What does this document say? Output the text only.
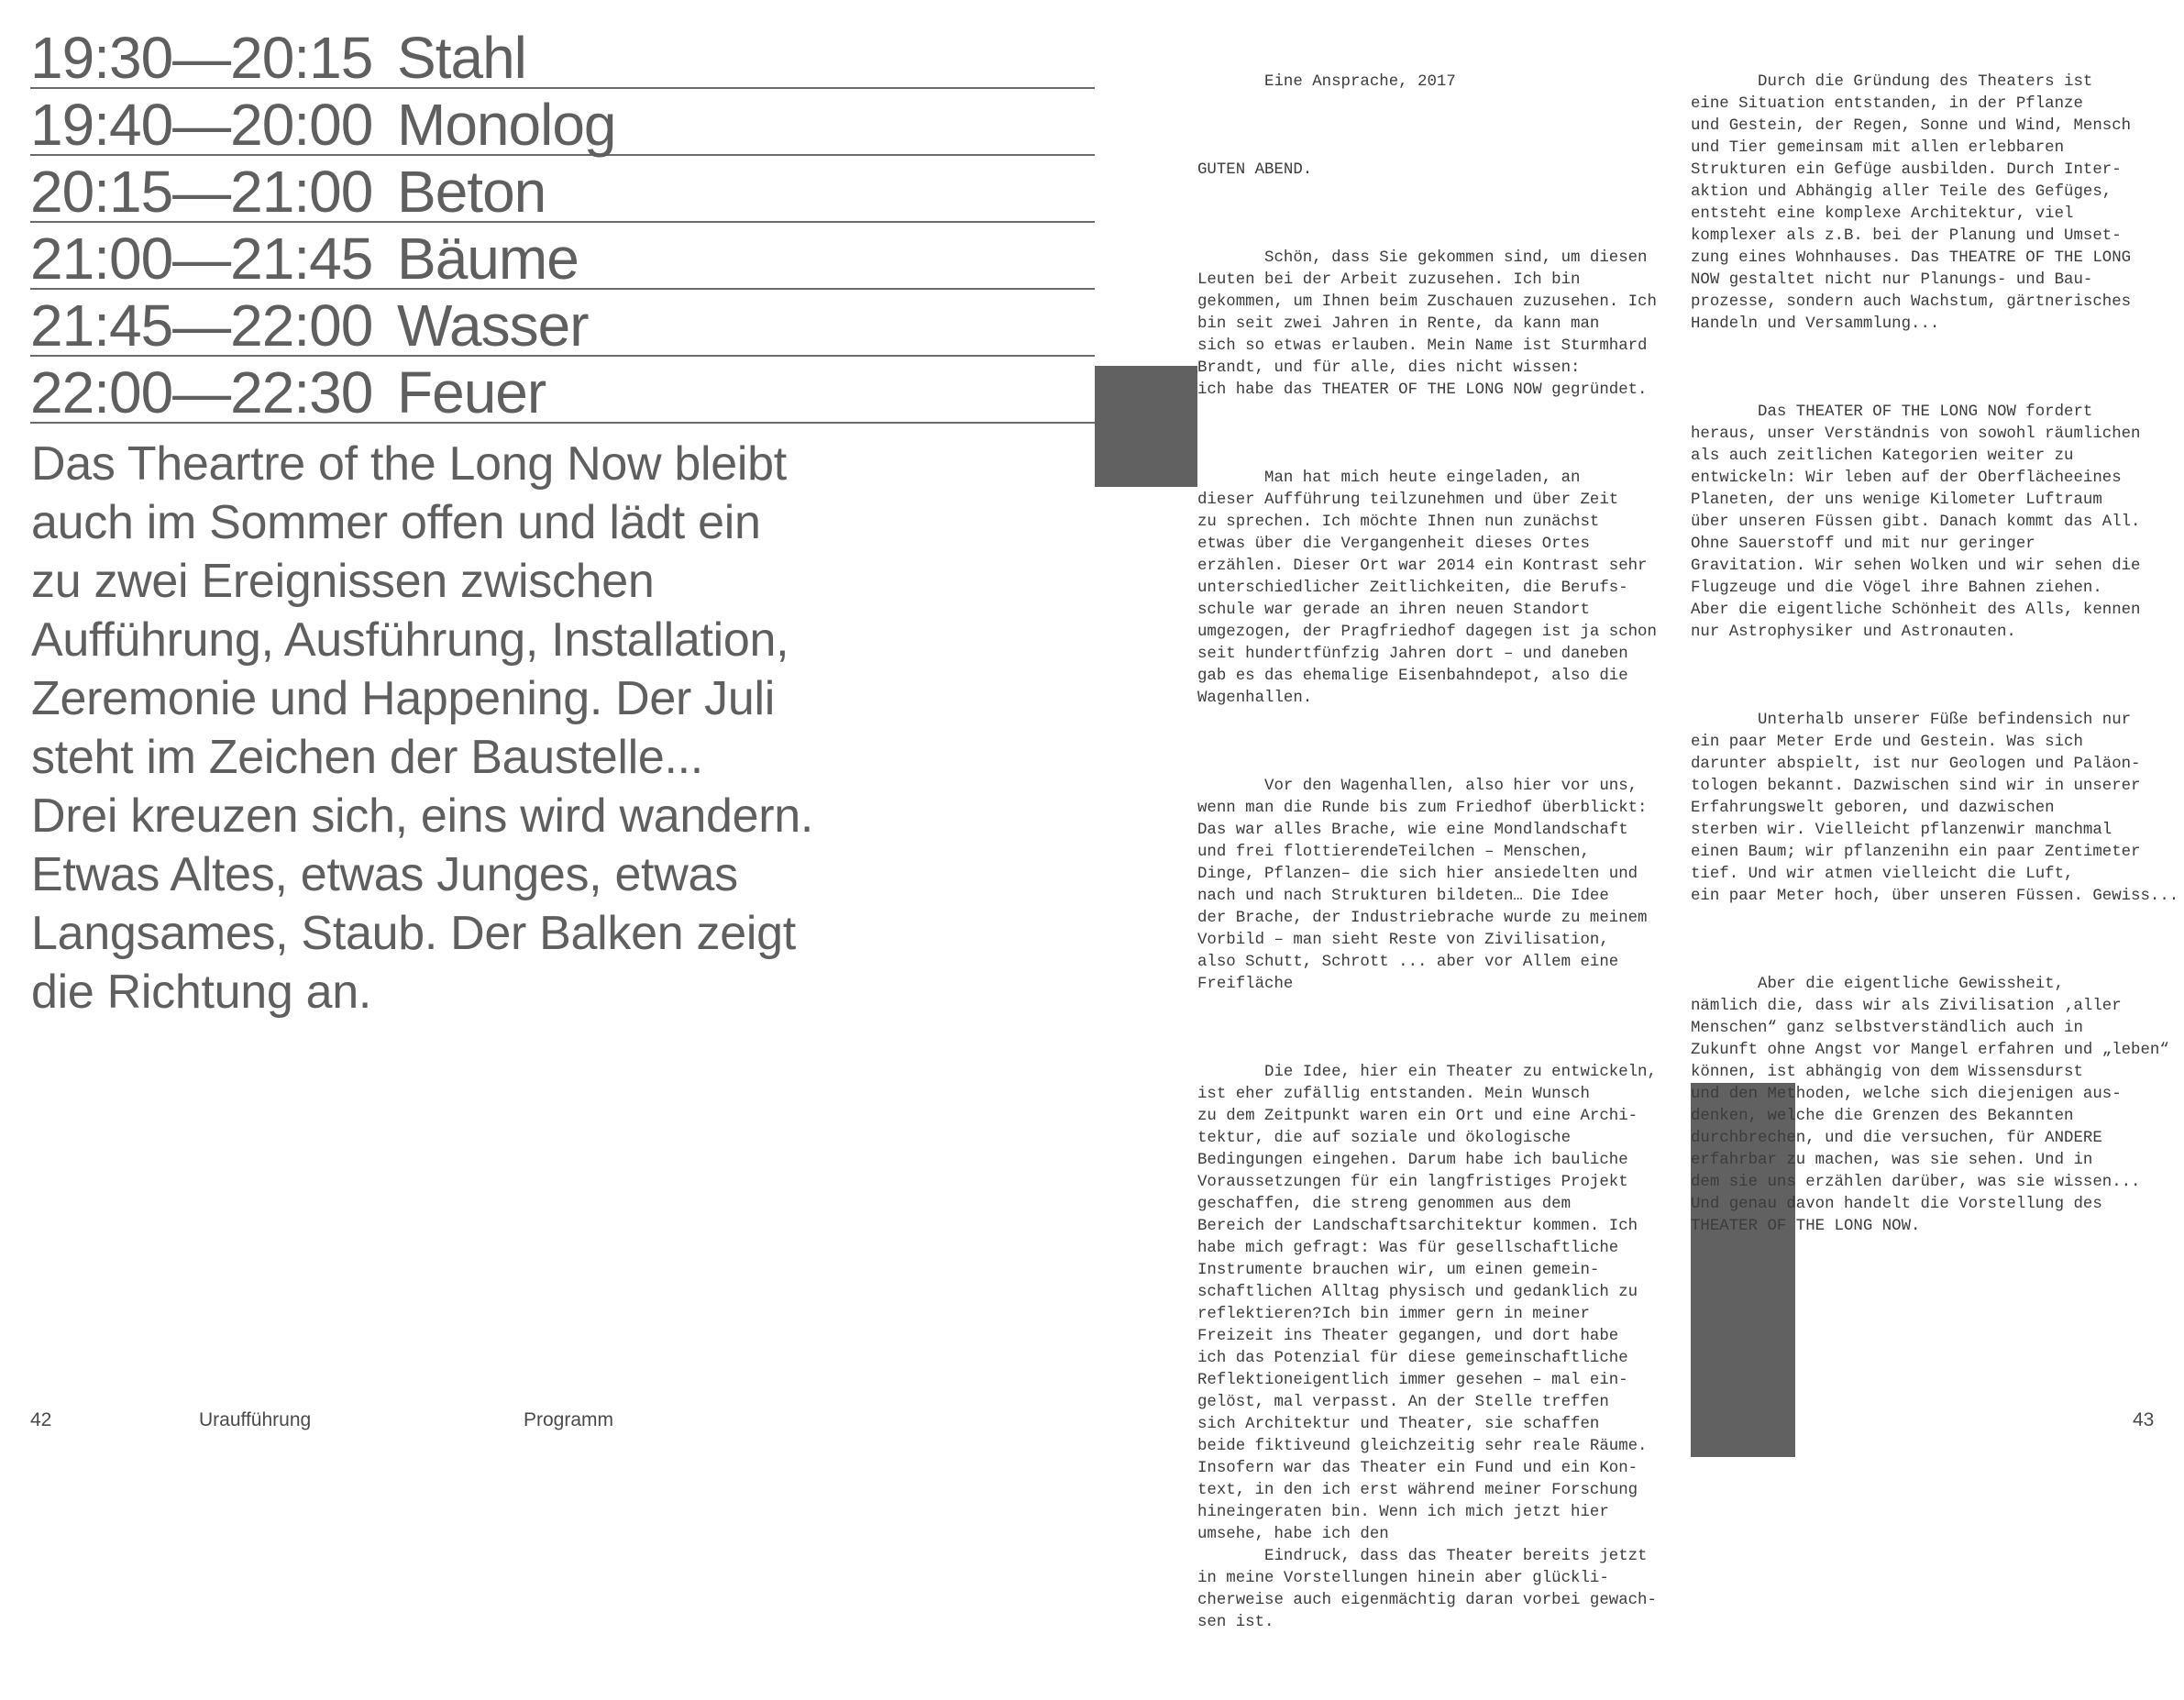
19:30—20:15 Stahl
19:40—20:00 Monolog
20:15—21:00 Beton
21:00—21:45 Bäume
21:45—22:00 Wasser
22:00—22:30 Feuer
Das Theartre of the Long Now bleibt
auch im Sommer offen und lädt ein
zu zwei Ereignissen zwischen
Aufführung, Ausführung, Installation,
Zeremonie und Happening. Der Juli
steht im Zeichen der Baustelle...
Drei kreuzen sich, eins wird wandern.
Etwas Altes, etwas Junges, etwas
Langsames, Staub. Der Balken zeigt
die Richtung an.

Eine Ansprache, 2017

GUTEN ABEND.

Schön, dass Sie gekommen sind, um diesen
Leuten bei der Arbeit zuzusehen. Ich bin
gekommen, um Ihnen beim Zuschauen zuzusehen. Ich
bin seit zwei Jahren in Rente, da kann man
sich so etwas erlauben. Mein Name ist Sturmhard
Brandt, und für alle, dies nicht wissen:
ich habe das THEATER OF THE LONG NOW gegründet.

Man hat mich heute eingeladen, an
dieser Aufführung teilzunehmen und über Zeit
zu sprechen. Ich möchte Ihnen nun zunächst
etwas über die Vergangenheit dieses Ortes
erzählen. Dieser Ort war 2014 ein Kontrast sehr
unterschiedlicher Zeitlichkeiten, die Berufs-
schule war gerade an ihren neuen Standort
umgezogen, der Pragfriedhof dagegen ist ja schon
seit hundertfünfzig Jahren dort – und daneben
gab es das ehemalige Eisenbahndepot, also die
Wagenhallen.

Vor den Wagenhallen, also hier vor uns,
wenn man die Runde bis zum Friedhof überblickt:
Das war alles Brache, wie eine Mondlandschaft
und frei flottierendeTeilchen – Menschen,
Dinge, Pflanzen– die sich hier ansiedelten und
nach und nach Strukturen bildeten… Die Idee
der Brache, der Industriebrache wurde zu meinem
Vorbild – man sieht Reste von Zivilisation,
also Schutt, Schrott ... aber vor Allem eine
Freifläche

Die Idee, hier ein Theater zu entwickeln,
ist eher zufällig entstanden. Mein Wunsch
zu dem Zeitpunkt waren ein Ort und eine Archi-
tektur, die auf soziale und ökologische
Bedingungen eingehen. Darum habe ich bauliche
Voraussetzungen für ein langfristiges Projekt
geschaffen, die streng genommen aus dem
Bereich der Landschaftsarchitektur kommen. Ich
habe mich gefragt: Was für gesellschaftliche
Instrumente brauchen wir, um einen gemein-
schaftlichen Alltag physisch und gedanklich zu
reflektieren?Ich bin immer gern in meiner
Freizeit ins Theater gegangen, und dort habe
ich das Potenzial für diese gemeinschaftliche
Reflektioneigentlich immer gesehen – mal ein-
gelöst, mal verpasst. An der Stelle treffen
sich Architektur und Theater, sie schaffen
beide fiktiveund gleichzeitig sehr reale Räume.
Insofern war das Theater ein Fund und ein Kon-
text, in den ich erst während meiner Forschung
hineingeraten bin. Wenn ich mich jetzt hier
umsehe, habe ich den
Eindruck, dass das Theater bereits jetzt
in meine Vorstellungen hinein aber glückli-
cherweise auch eigenmächtig daran vorbei gewach-
sen ist.

Durch die Gründung des Theaters ist
eine Situation entstanden, in der Pflanze
und Gestein, der Regen, Sonne und Wind, Mensch
und Tier gemeinsam mit allen erlebbaren
Strukturen ein Gefüge ausbilden. Durch Inter-
aktion und Abhängig aller Teile des Gefüges,
entsteht eine komplexe Architektur, viel
komplexer als z.B. bei der Planung und Umset-
zung eines Wohnhauses. Das THEATRE OF THE LONG
NOW gestaltet nicht nur Planungs- und Bau-
prozesse, sondern auch Wachstum, gärtnerisches
Handeln und Versammlung...

Das THEATER OF THE LONG NOW fordert
heraus, unser Verständnis von sowohl räumlichen
als auch zeitlichen Kategorien weiter zu
entwickeln: Wir leben auf der Oberflächeeines
Planeten, der uns wenige Kilometer Luftraum
über unseren Füssen gibt. Danach kommt das All.
Ohne Sauerstoff und mit nur geringer
Gravitation. Wir sehen Wolken und wir sehen die
Flugzeuge und die Vögel ihre Bahnen ziehen.
Aber die eigentliche Schönheit des Alls, kennen
nur Astrophysiker und Astronauten.

Unterhalb unserer Füße befindensich nur
ein paar Meter Erde und Gestein. Was sich
darunter abspielt, ist nur Geologen und Paläon-
tologen bekannt. Dazwischen sind wir in unserer
Erfahrungswelt geboren, und dazwischen
sterben wir. Vielleicht pflanzenwir manchmal
einen Baum; wir pflanzenihn ein paar Zentimeter
tief. Und wir atmen vielleicht die Luft,
ein paar Meter hoch, über unseren Füssen. Gewiss...

Aber die eigentliche Gewissheit,
nämlich die, dass wir als Zivilisation ‚aller
Menschen“ ganz selbstverständlich auch in
Zukunft ohne Angst vor Mangel erfahren und „leben“
können, ist abhängig von dem Wissensdurst
und den Methoden, welche sich diejenigen aus-
denken, welche die Grenzen des Bekannten
durchbrechen, und die versuchen, für ANDERE
erfahrbar zu machen, was sie sehen. Und in
dem sie uns erzählen darüber, was sie wissen...
Und genau davon handelt die Vorstellung des
THEATER OF THE LONG NOW.

42	Uraufführung	Programm	43
